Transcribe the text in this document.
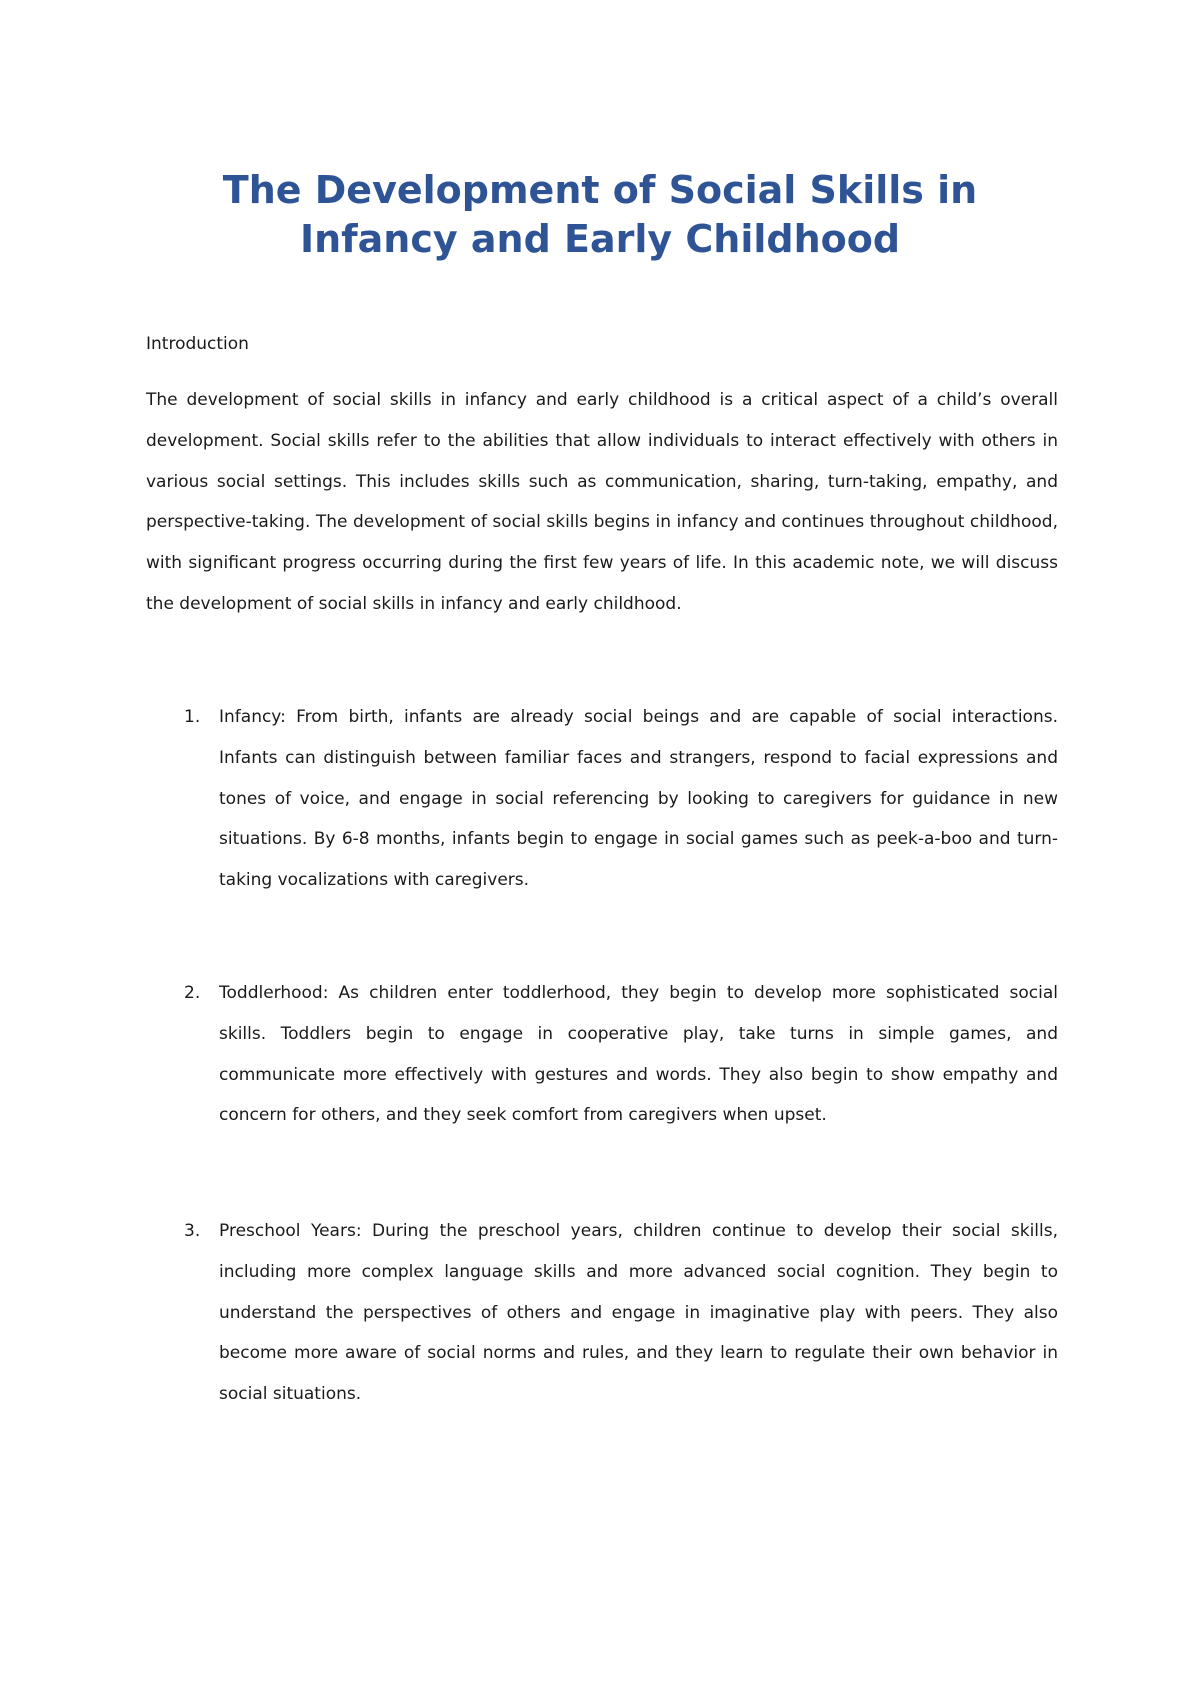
The Development of Social Skills in
Infancy and Early Childhood
Introduction

The development of social skills in infancy and early childhood is a critical aspect of a child’s overall development. Social skills refer to the abilities that allow individuals to interact effectively with others in various social settings. This includes skills such as communication, sharing, turn-taking, empathy, and perspective-taking. The development of social skills begins in infancy and continues throughout childhood, with significant progress occurring during the first few years of life. In this academic note, we will discuss the development of social skills in infancy and early childhood.

1. Infancy: From birth, infants are already social beings and are capable of social interactions. Infants can distinguish between familiar faces and strangers, respond to facial expressions and tones of voice, and engage in social referencing by looking to caregivers for guidance in new situations. By 6-8 months, infants begin to engage in social games such as peek-a-boo and turn-taking vocalizations with caregivers.
2. Toddlerhood: As children enter toddlerhood, they begin to develop more sophisticated social skills. Toddlers begin to engage in cooperative play, take turns in simple games, and communicate more effectively with gestures and words. They also begin to show empathy and concern for others, and they seek comfort from caregivers when upset.
3. Preschool Years: During the preschool years, children continue to develop their social skills, including more complex language skills and more advanced social cognition. They begin to understand the perspectives of others and engage in imaginative play with peers. They also become more aware of social norms and rules, and they learn to regulate their own behavior in social situations.
